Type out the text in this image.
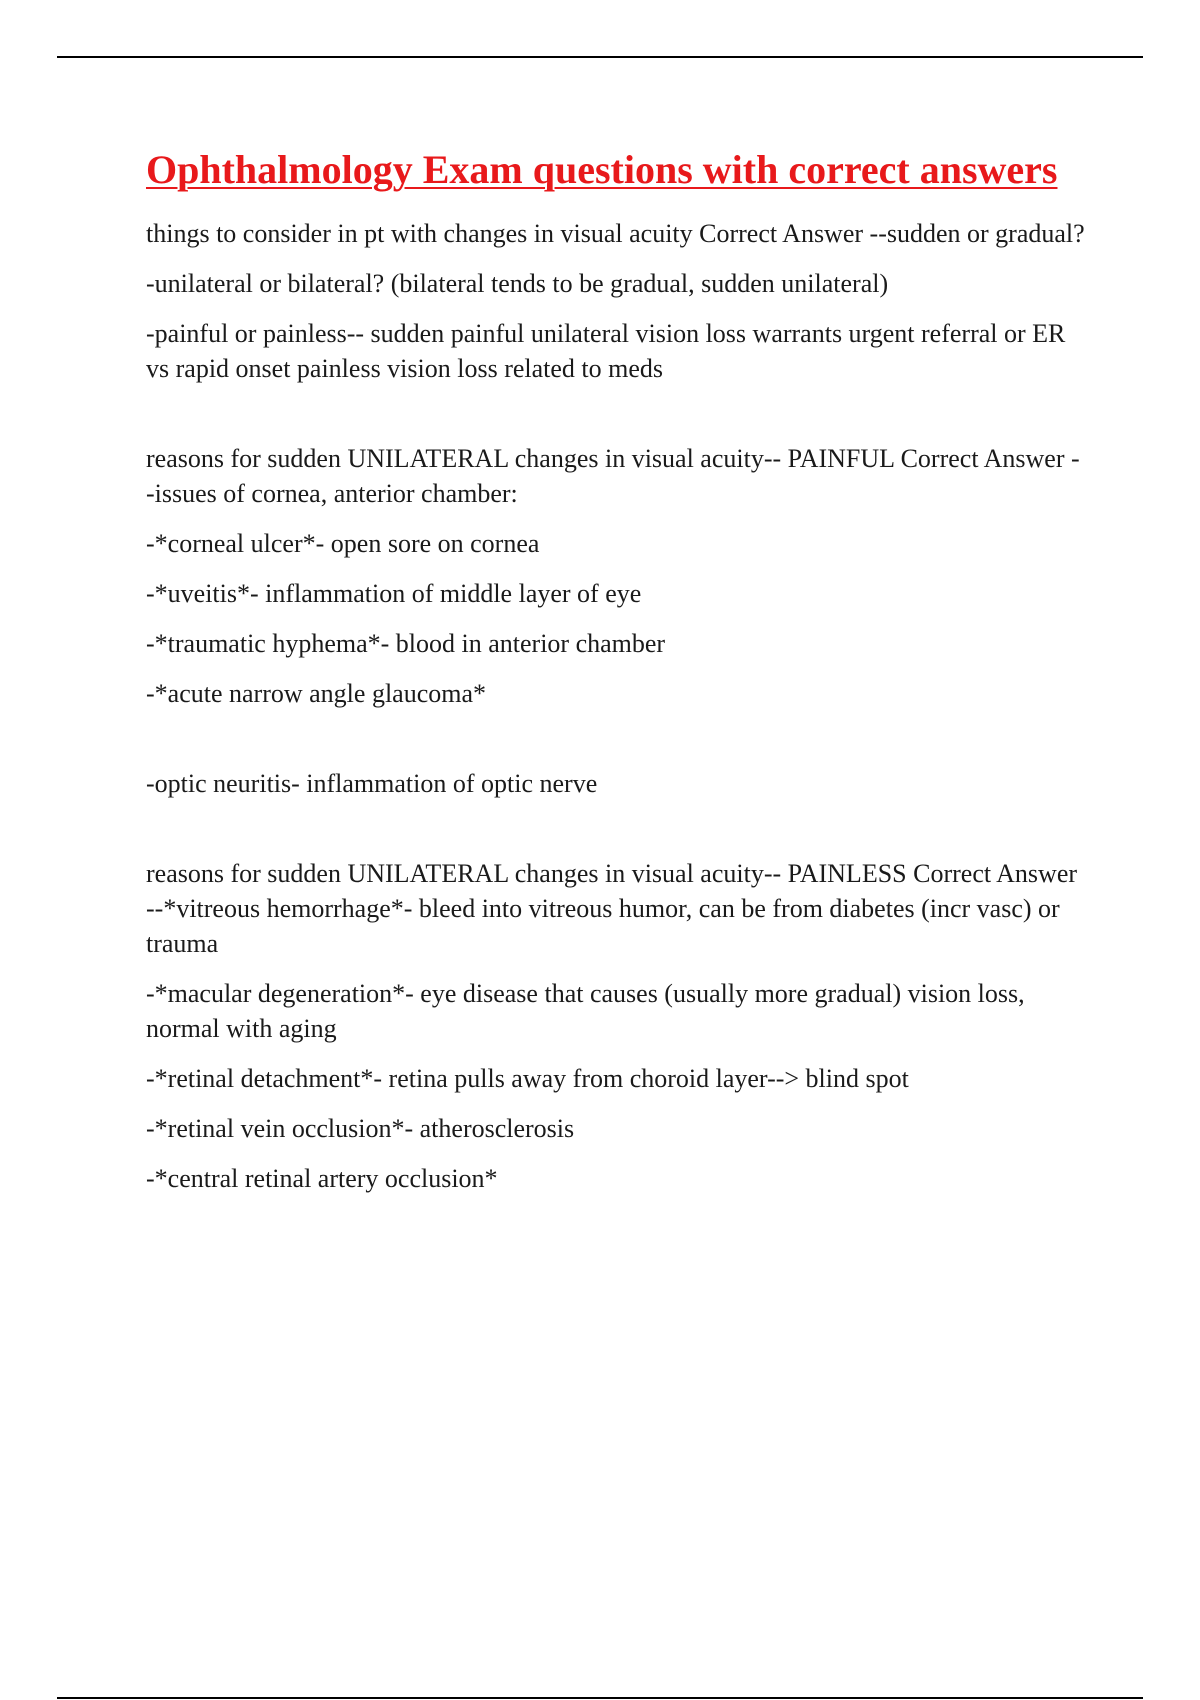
Ophthalmology Exam questions with correct answers

things to consider in pt with changes in visual acuity Correct Answer --sudden or gradual?

-unilateral or bilateral? (bilateral tends to be gradual, sudden unilateral)

-painful or painless-- sudden painful unilateral vision loss warrants urgent referral or ER vs rapid onset painless vision loss related to meds

reasons for sudden UNILATERAL changes in visual acuity-- PAINFUL Correct Answer --issues of cornea, anterior chamber:

-*corneal ulcer*- open sore on cornea

-*uveitis*- inflammation of middle layer of eye

-*traumatic hyphema*- blood in anterior chamber

-*acute narrow angle glaucoma*

-optic neuritis- inflammation of optic nerve

reasons for sudden UNILATERAL changes in visual acuity-- PAINLESS Correct Answer --*vitreous hemorrhage*- bleed into vitreous humor, can be from diabetes (incr vasc) or trauma

-*macular degeneration*- eye disease that causes (usually more gradual) vision loss, normal with aging

-*retinal detachment*- retina pulls away from choroid layer--> blind spot

-*retinal vein occlusion*- atherosclerosis

-*central retinal artery occlusion*
